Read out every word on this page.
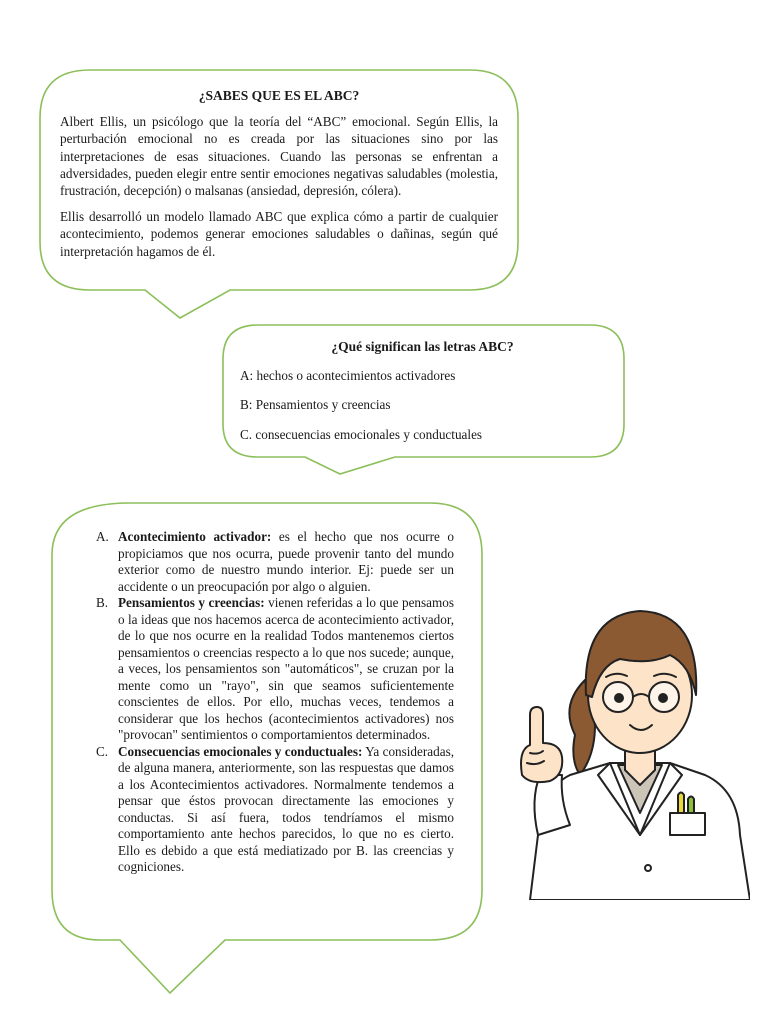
¿SABES QUE ES EL ABC?

Albert Ellis, un psicólogo que la teoría del “ABC” emocional. Según Ellis, la perturbación emocional no es creada por las situaciones sino por las interpretaciones de esas situaciones. Cuando las personas se enfrentan a adversidades, pueden elegir entre sentir emociones negativas saludables (molestia, frustración, decepción) o malsanas (ansiedad, depresión, cólera).

Ellis desarrolló un modelo llamado ABC que explica cómo a partir de cualquier acontecimiento, podemos generar emociones saludables o dañinas, según qué interpretación hagamos de él.

¿Qué significan las letras ABC?

A: hechos o acontecimientos activadores

B: Pensamientos y creencias

C. consecuencias emocionales y conductuales

A. Acontecimiento activador: es el hecho que nos ocurre o propiciamos que nos ocurra, puede provenir tanto del mundo exterior como de nuestro mundo interior. Ej: puede ser un accidente o un preocupación por algo o alguien.
B. Pensamientos y creencias: vienen referidas a lo que pensamos o la ideas que nos hacemos acerca de acontecimiento activador, de lo que nos ocurre en la realidad Todos mantenemos ciertos pensamientos o creencias respecto a lo que nos sucede; aunque, a veces, los pensamientos son "automáticos", se cruzan por la mente como un "rayo", sin que seamos suficientemente conscientes de ellos. Por ello, muchas veces, tendemos a considerar que los hechos (acontecimientos activadores) nos "provocan" sentimientos o comportamientos determinados.
C. Consecuencias emocionales y conductuales: Ya consideradas, de alguna manera, anteriormente, son las respuestas que damos a los Acontecimientos activadores. Normalmente tendemos a pensar que éstos provocan directamente las emociones y conductas. Si así fuera, todos tendríamos el mismo comportamiento ante hechos parecidos, lo que no es cierto. Ello es debido a que está mediatizado por B. las creencias y cogniciones.
